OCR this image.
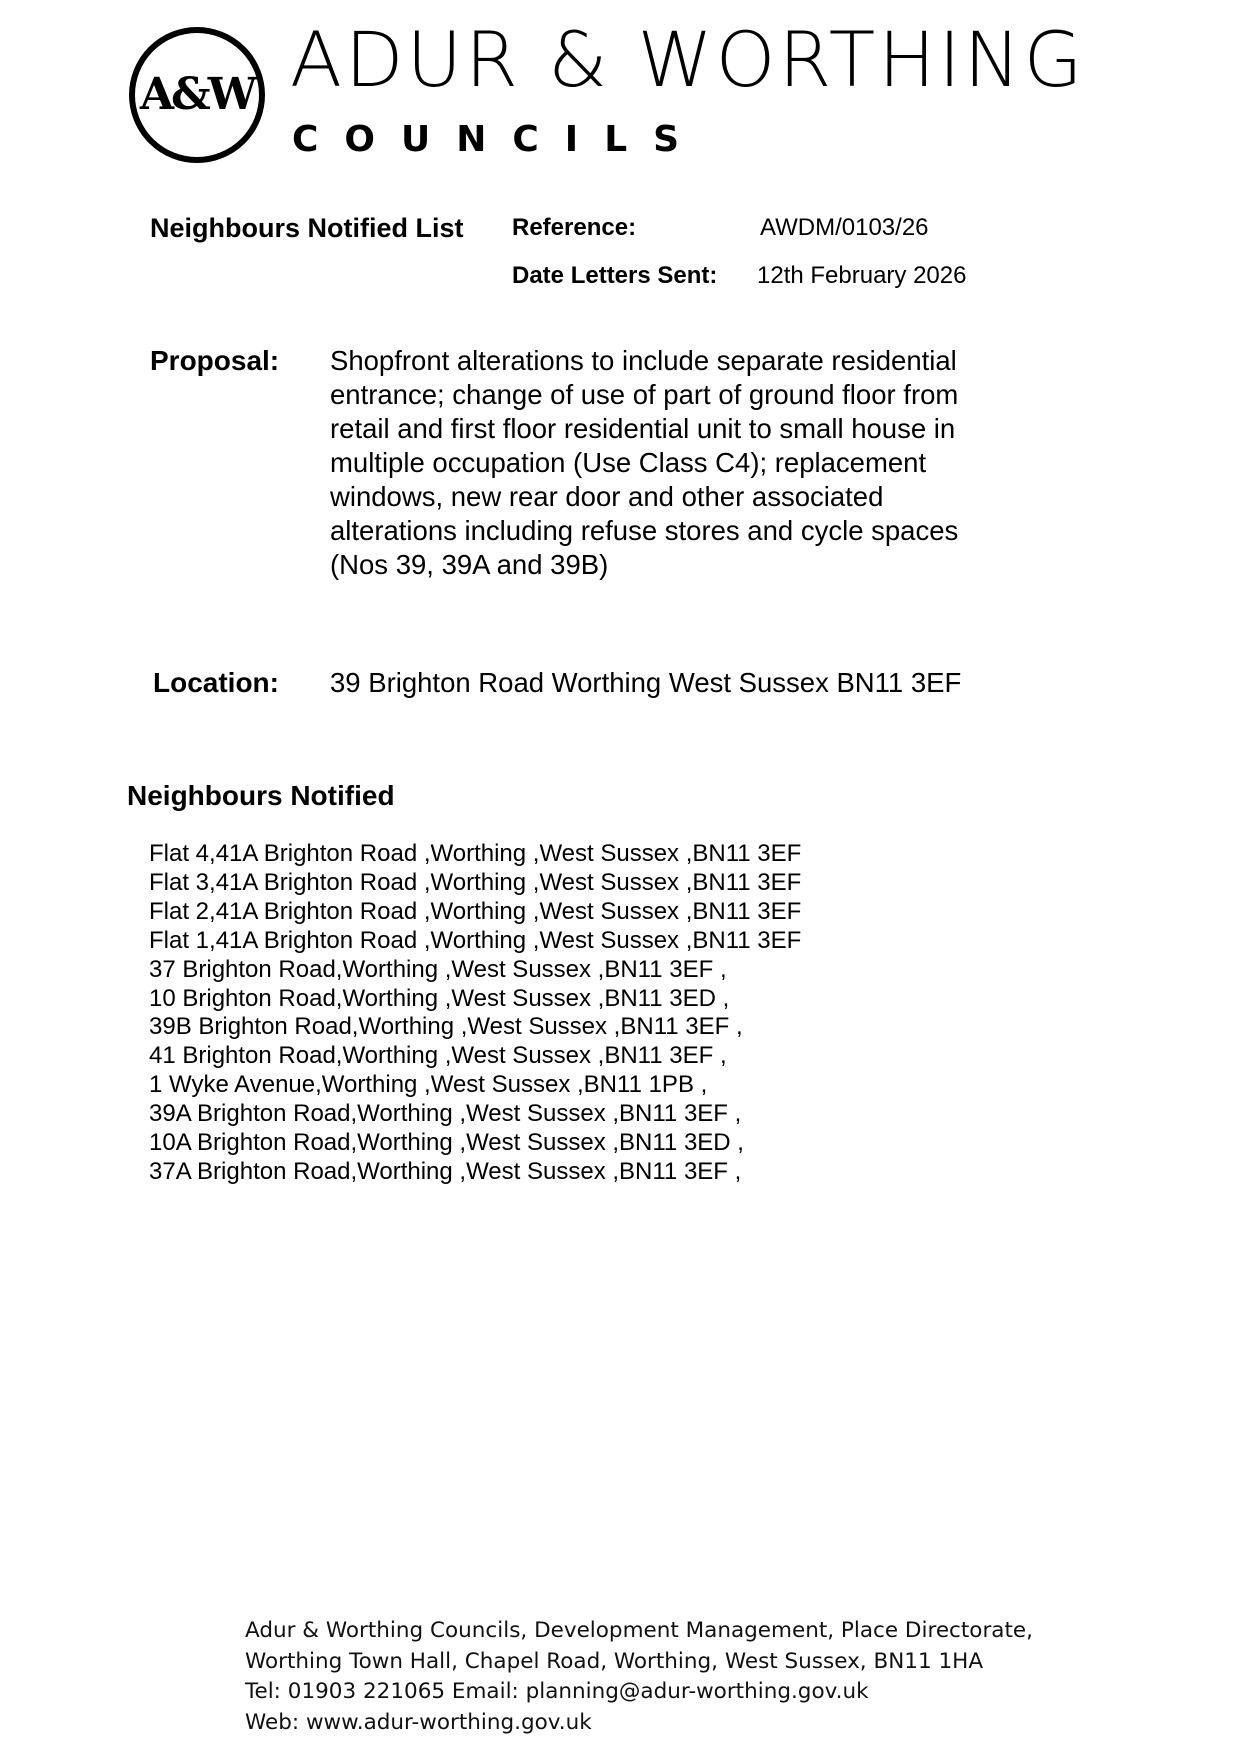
A&W ADUR & WORTHING
COUNCILS
Neighbours Notified List Reference:	AWDM/0103/26
Date Letters Sent: 12th February 2026
Proposal: Shopfront alterations to include separate residential
entrance; change of use of part of ground floor from
retail and first floor residential unit to small house in
multiple occupation (Use Class C4); replacement
windows, new rear door and other associated
alterations including refuse stores and cycle spaces
(Nos 39, 39A and 39B)
Location: 39 Brighton Road Worthing West Sussex BN11 3EF
Neighbours Notified
Flat 4,41A Brighton Road ,Worthing ,West Sussex ,BN11 3EF
Flat 3,41A Brighton Road ,Worthing ,West Sussex ,BN11 3EF
Flat 2,41A Brighton Road ,Worthing ,West Sussex ,BN11 3EF
Flat 1,41A Brighton Road ,Worthing ,West Sussex ,BN11 3EF
37 Brighton Road,Worthing ,West Sussex ,BN11 3EF ,
10 Brighton Road,Worthing ,West Sussex ,BN11 3ED ,
39B Brighton Road,Worthing ,West Sussex ,BN11 3EF ,
41 Brighton Road,Worthing ,West Sussex ,BN11 3EF ,
1 Wyke Avenue,Worthing ,West Sussex ,BN11 1PB ,
39A Brighton Road,Worthing ,West Sussex ,BN11 3EF ,
10A Brighton Road,Worthing ,West Sussex ,BN11 3ED ,
37A Brighton Road,Worthing ,West Sussex ,BN11 3EF ,
Adur & Worthing Councils, Development Management, Place Directorate,
Worthing Town Hall, Chapel Road, Worthing, West Sussex, BN11 1HA
Tel: 01903 221065 Email: planning@adur-worthing.gov.uk
Web: www.adur-worthing.gov.uk
